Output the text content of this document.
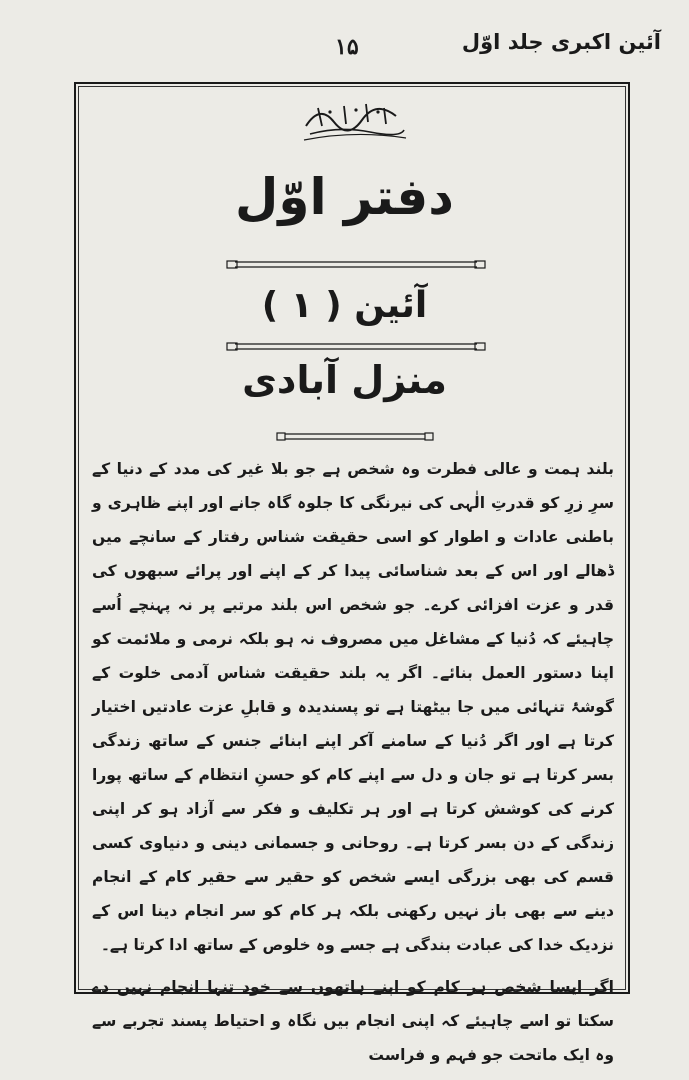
۱۵	آئین اکبری جلد اوّل
دفتر اوّل
آئین ( ۱ )
منزل آبادی

بلند ہمت و عالی فطرت وہ شخص ہے جو بلا غیر کی مدد کے دنیا کے سرِ زرِ کو قدرتِ الٰہی کی نیرنگی کا جلوہ گاہ جانے اور اپنے ظاہری و باطنی عادات و اطوار کو اسی حقیقت شناس رفتار کے سانچے میں ڈھالے اور اس کے بعد شناسائی پیدا کر کے اپنے اور پرائے سبھوں کی قدر و عزت افزائی کرے۔ جو شخص اس بلند مرتبے پر نہ پہنچے اُسے چاہیئے کہ دُنیا کے مشاغل میں مصروف نہ ہو بلکہ نرمی و ملائمت کو اپنا دستور العمل بنائے۔ اگر یہ بلند حقیقت شناس آدمی خلوت کے گوشۂ تنہائی میں جا بیٹھتا ہے تو پسندیدہ و قابلِ عزت عادتیں اختیار کرتا ہے اور اگر دُنیا کے سامنے آکر اپنے ابنائے جنس کے ساتھ زندگی بسر کرتا ہے تو جان و دل سے اپنے کام کو حسنِ انتظام کے ساتھ پورا کرنے کی کوشش کرتا ہے اور ہر تکلیف و فکر سے آزاد ہو کر اپنی زندگی کے دن بسر کرتا ہے۔ روحانی و جسمانی دینی و دنیاوی کسی قسم کی بھی بزرگی ایسے شخص کو حقیر سے حقیر کام کے انجام دینے سے بھی باز نہیں رکھنی بلکہ ہر کام کو سر انجام دینا اس کے نزدیک خدا کی عبادت بندگی ہے جسے وہ خلوص کے ساتھ ادا کرتا ہے۔

اگر ایسا شخص ہر کام کو اپنے ہاتھوں سے خود تنہا انجام نہیں دے سکتا تو اسے چاہیئے کہ اپنی انجام بیں نگاہ و احتیاط پسند تجربے سے وہ ایک ماتحت جو فہم و فراست
